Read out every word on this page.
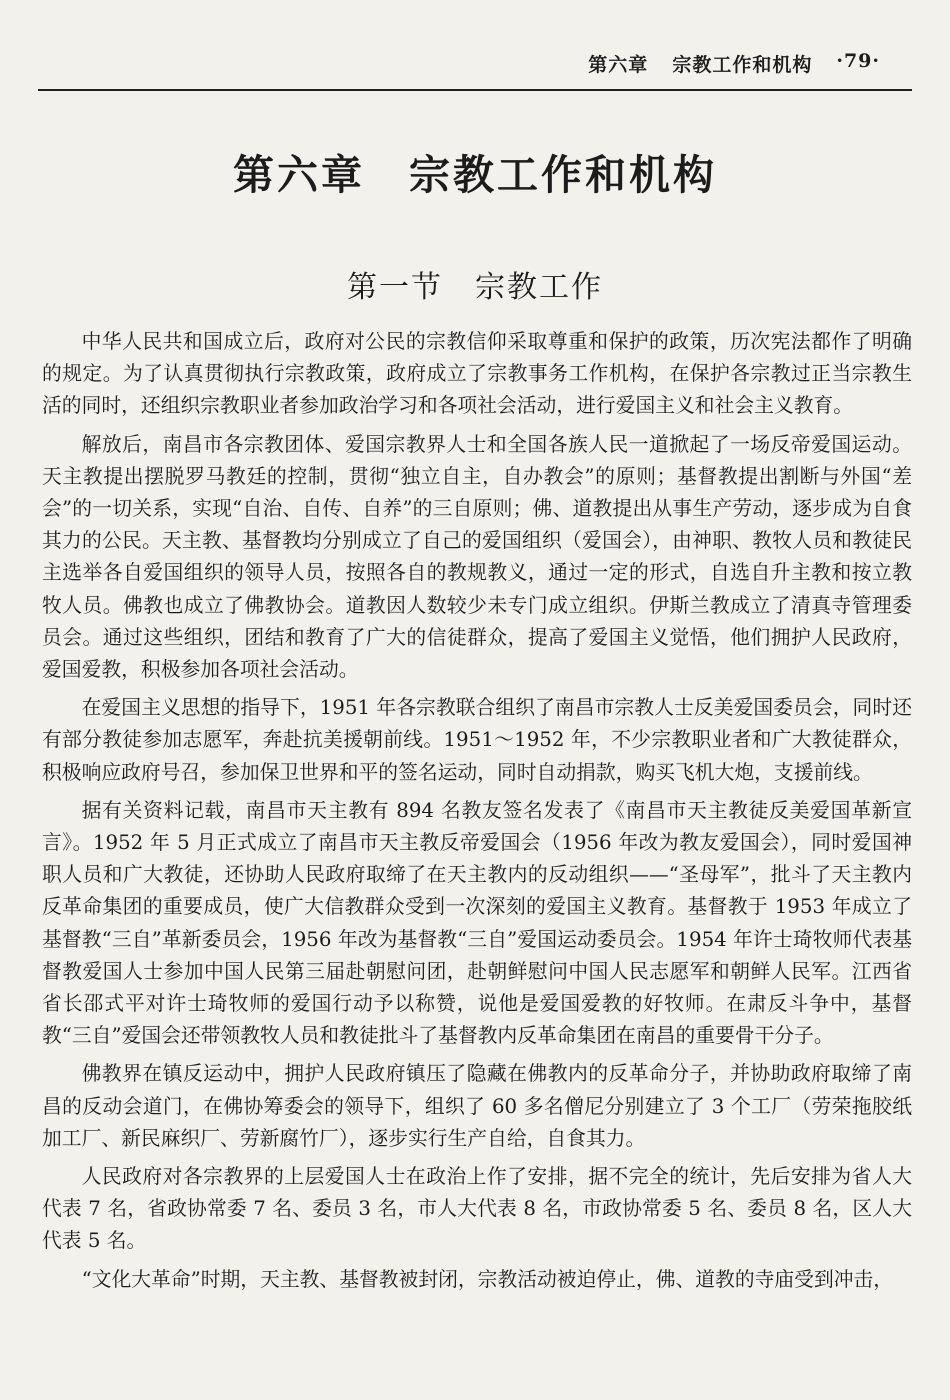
第六章 宗教工作和机构 ·79·
第六章　宗教工作和机构
第一节　宗教工作

中华人民共和国成立后，政府对公民的宗教信仰采取尊重和保护的政策，历次宪法都作了明确的规定。为了认真贯彻执行宗教政策，政府成立了宗教事务工作机构，在保护各宗教过正当宗教生活的同时，还组织宗教职业者参加政治学习和各项社会活动，进行爱国主义和社会主义教育。

解放后，南昌市各宗教团体、爱国宗教界人士和全国各族人民一道掀起了一场反帝爱国运动。天主教提出摆脱罗马教廷的控制，贯彻“独立自主，自办教会”的原则；基督教提出割断与外国“差会”的一切关系，实现“自治、自传、自养”的三自原则；佛、道教提出从事生产劳动，逐步成为自食其力的公民。天主教、基督教均分别成立了自己的爱国组织（爱国会），由神职、教牧人员和教徒民主选举各自爱国组织的领导人员，按照各自的教规教义，通过一定的形式，自选自升主教和按立教牧人员。佛教也成立了佛教协会。道教因人数较少未专门成立组织。伊斯兰教成立了清真寺管理委员会。通过这些组织，团结和教育了广大的信徒群众，提高了爱国主义觉悟，他们拥护人民政府，爱国爱教，积极参加各项社会活动。

在爱国主义思想的指导下，1951 年各宗教联合组织了南昌市宗教人士反美爱国委员会，同时还有部分教徒参加志愿军，奔赴抗美援朝前线。1951～1952 年，不少宗教职业者和广大教徒群众，积极响应政府号召，参加保卫世界和平的签名运动，同时自动捐款，购买飞机大炮，支援前线。

据有关资料记载，南昌市天主教有 894 名教友签名发表了《南昌市天主教徒反美爱国革新宣言》。1952 年 5 月正式成立了南昌市天主教反帝爱国会（1956 年改为教友爱国会），同时爱国神职人员和广大教徒，还协助人民政府取缔了在天主教内的反动组织——“圣母军”，批斗了天主教内反革命集团的重要成员，使广大信教群众受到一次深刻的爱国主义教育。基督教于 1953 年成立了基督教“三自”革新委员会，1956 年改为基督教“三自”爱国运动委员会。1954 年许士琦牧师代表基督教爱国人士参加中国人民第三届赴朝慰问团，赴朝鲜慰问中国人民志愿军和朝鲜人民军。江西省省长邵式平对许士琦牧师的爱国行动予以称赞，说他是爱国爱教的好牧师。在肃反斗争中，基督教“三自”爱国会还带领教牧人员和教徒批斗了基督教内反革命集团在南昌的重要骨干分子。

佛教界在镇反运动中，拥护人民政府镇压了隐藏在佛教内的反革命分子，并协助政府取缔了南昌的反动会道门，在佛协筹委会的领导下，组织了 60 多名僧尼分别建立了 3 个工厂（劳荣拖胶纸加工厂、新民麻织厂、劳新腐竹厂），逐步实行生产自给，自食其力。

人民政府对各宗教界的上层爱国人士在政治上作了安排，据不完全的统计，先后安排为省人大代表 7 名，省政协常委 7 名、委员 3 名，市人大代表 8 名，市政协常委 5 名、委员 8 名，区人大代表 5 名。

“文化大革命”时期，天主教、基督教被封闭，宗教活动被迫停止，佛、道教的寺庙受到冲击，
